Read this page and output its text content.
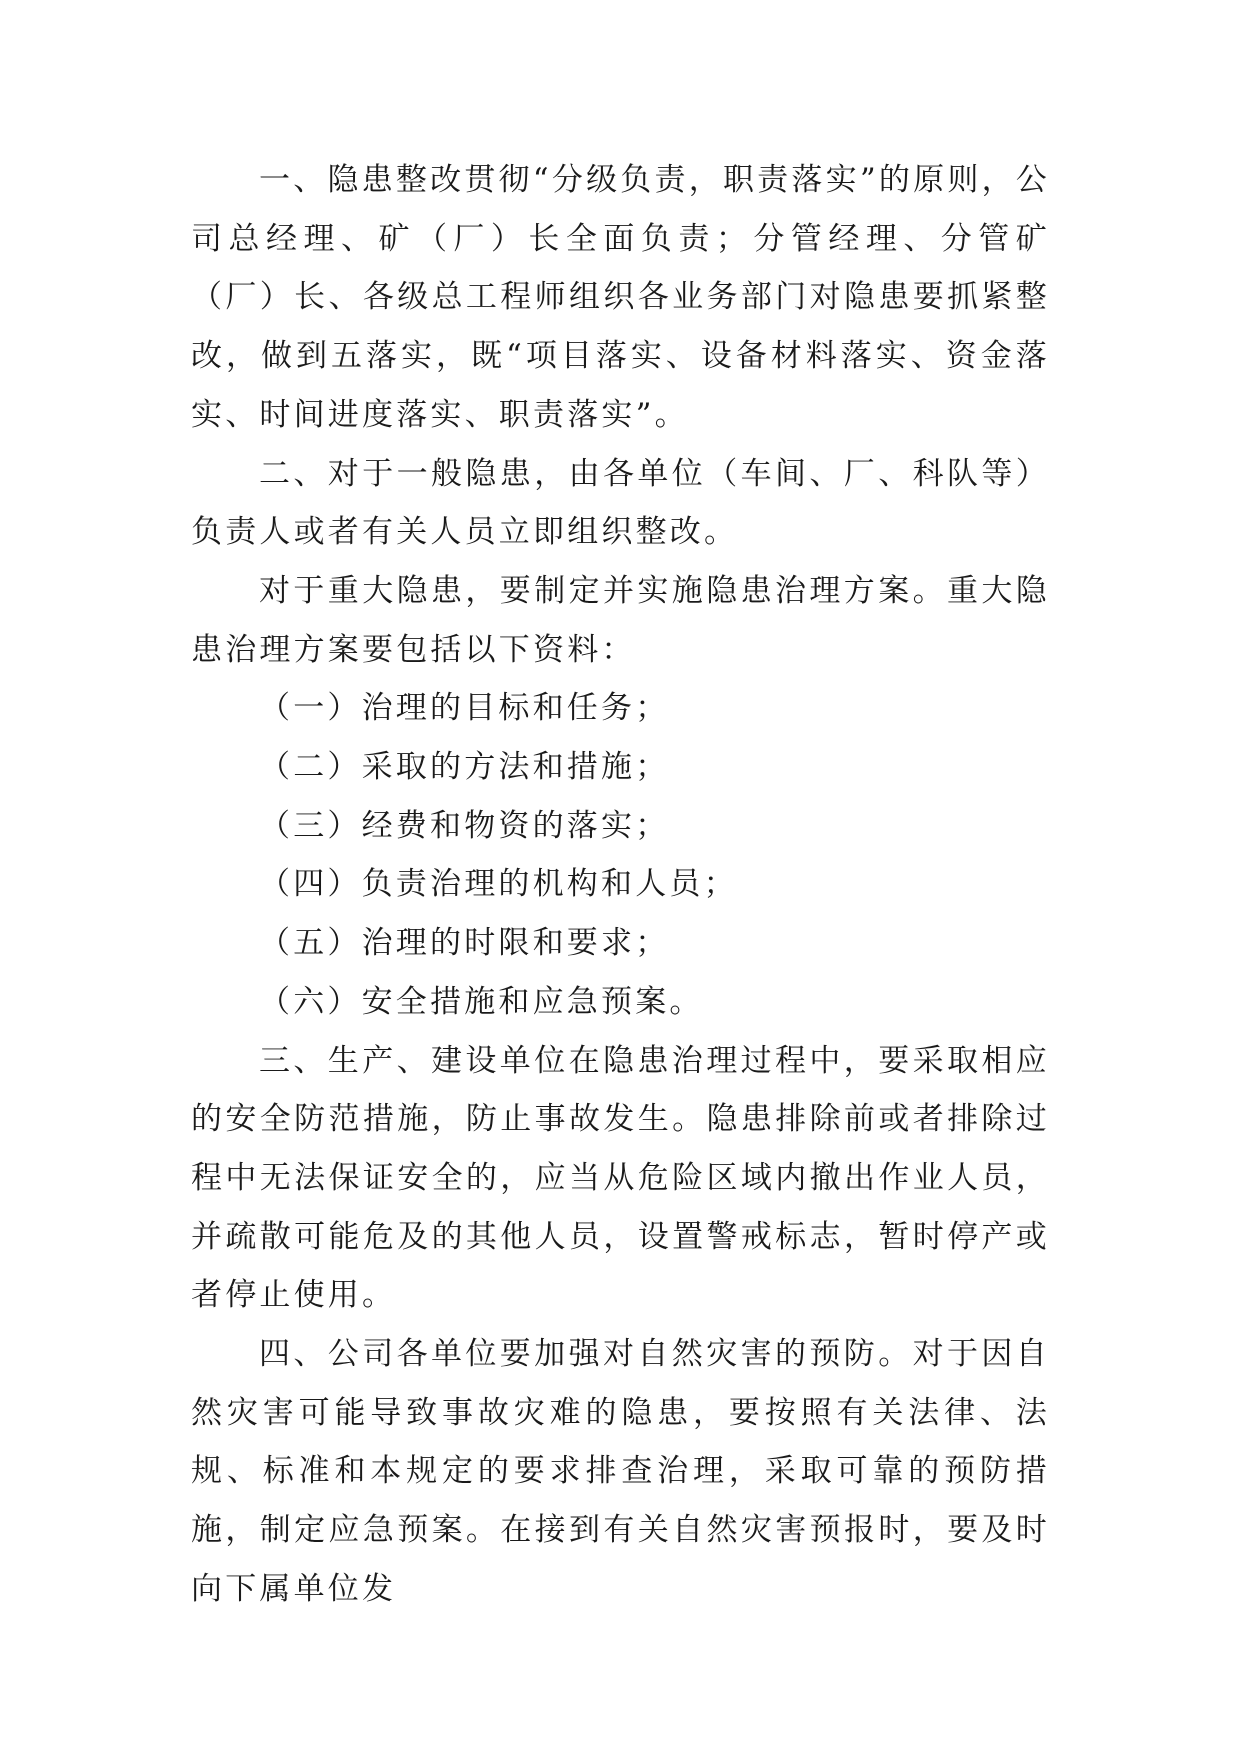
一、隐患整改贯彻“分级负责，职责落实”的原则，公司总经理、矿（厂）长全面负责；分管经理、分管矿（厂）长、各级总工程师组织各业务部门对隐患要抓紧整改，做到五落实，既“项目落实、设备材料落实、资金落实、时间进度落实、职责落实”。

二、对于一般隐患，由各单位（车间、厂、科队等）负责人或者有关人员立即组织整改。

对于重大隐患，要制定并实施隐患治理方案。重大隐患治理方案要包括以下资料：

（一）治理的目标和任务；

（二）采取的方法和措施；

（三）经费和物资的落实；

（四）负责治理的机构和人员；

（五）治理的时限和要求；

（六）安全措施和应急预案。

三、生产、建设单位在隐患治理过程中，要采取相应的安全防范措施，防止事故发生。隐患排除前或者排除过程中无法保证安全的，应当从危险区域内撤出作业人员，并疏散可能危及的其他人员，设置警戒标志，暂时停产或者停止使用。

四、公司各单位要加强对自然灾害的预防。对于因自然灾害可能导致事故灾难的隐患，要按照有关法律、法规、标准和本规定的要求排查治理，采取可靠的预防措施，制定应急预案。在接到有关自然灾害预报时，要及时向下属单位发
